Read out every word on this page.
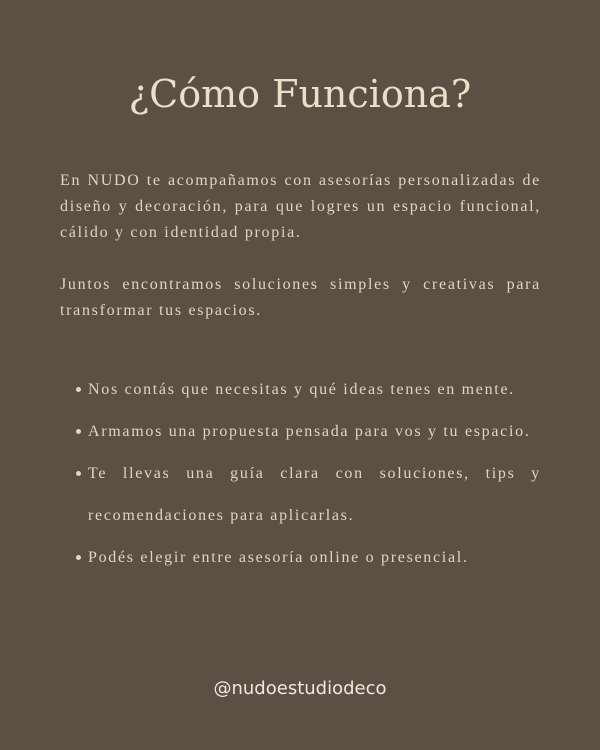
¿Cómo Funciona?

En NUDO te acompañamos con asesorías personalizadas de diseño y decoración, para que logres un espacio funcional, cálido y con identidad propia.

Juntos encontramos soluciones simples y creativas para transformar tus espacios.

Nos contás que necesitas y qué ideas tenes en mente.
Armamos una propuesta pensada para vos y tu espacio.
Te llevas una guía clara con soluciones, tips y recomendaciones para aplicarlas.
Podés elegir entre asesoría online o presencial.
@nudoestudiodeco
